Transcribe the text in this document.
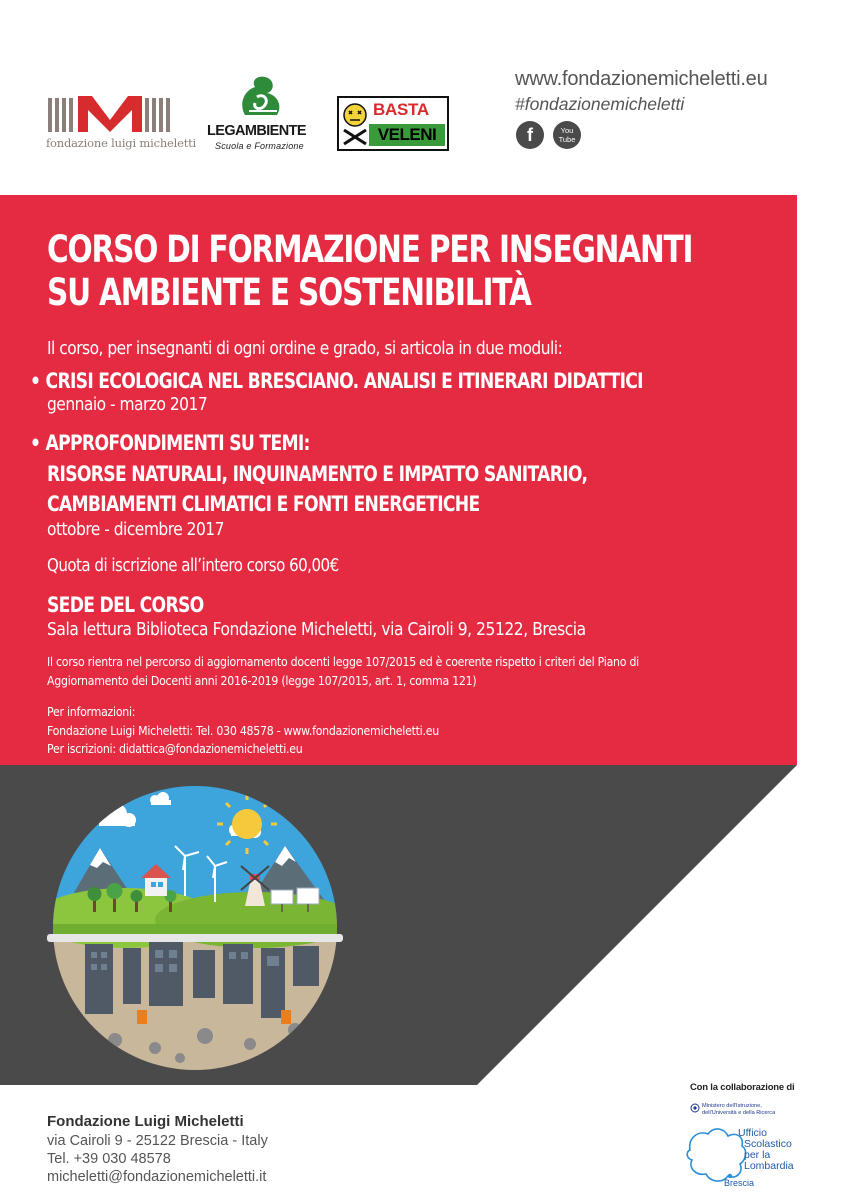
fondazione luigi micheletti
LEGAMBIENTE
Scuola e Formazione
BASTA
VELENI
www.fondazionemicheletti.eu
#fondazionemicheletti
f	You
Tube
CORSO DI FORMAZIONE PER INSEGNANTI
SU AMBIENTE E SOSTENIBILITÀ
Il corso, per insegnanti di ogni ordine e grado, si articola in due moduli:
• CRISI ECOLOGICA NEL BRESCIANO. ANALISI E ITINERARI DIDATTICI
gennaio - marzo 2017
• APPROFONDIMENTI SU TEMI:
RISORSE NATURALI, INQUINAMENTO E IMPATTO SANITARIO,
CAMBIAMENTI CLIMATICI E FONTI ENERGETICHE
ottobre - dicembre 2017
Quota di iscrizione all’intero corso 60,00€
SEDE DEL CORSO
Sala lettura Biblioteca Fondazione Micheletti, via Cairoli 9, 25122, Brescia
Il corso rientra nel percorso di aggiornamento docenti legge 107/2015 ed è coerente rispetto i criteri del Piano di
Aggiornamento dei Docenti anni 2016-2019 (legge 107/2015, art. 1, comma 121)
Per informazioni:
Fondazione Luigi Micheletti: Tel. 030 48578 - www.fondazionemicheletti.eu
Per iscrizioni: didattica@fondazionemicheletti.eu
Fondazione Luigi Micheletti
via Cairoli 9 - 25122 Brescia - Italy
Tel. +39 030 48578
micheletti@fondazionemicheletti.it
Con la collaborazione di
Ministero dell'Istruzione,
dell'Università e della Ricerca
Ufficio
Scolastico
per la
Lombardia
Brescia
